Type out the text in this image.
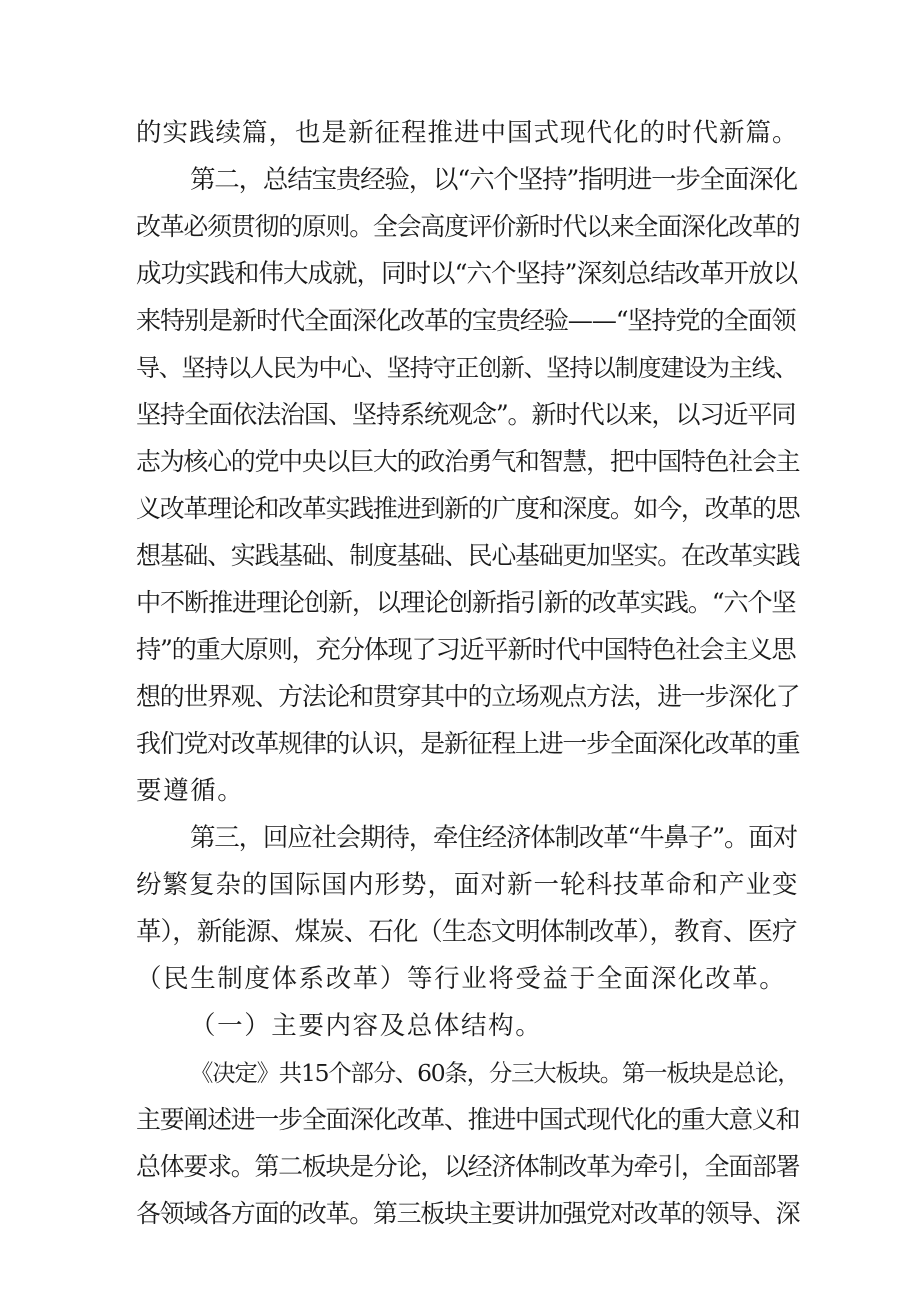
的实践续篇，也是新征程推进中国式现代化的时代新篇。
第二，总结宝贵经验，以“六个坚持”指明进一步全面深化
改革必须贯彻的原则。全会高度评价新时代以来全面深化改革的
成功实践和伟大成就，同时以“六个坚持”深刻总结改革开放以
来特别是新时代全面深化改革的宝贵经验——“坚持党的全面领
导、坚持以人民为中心、坚持守正创新、坚持以制度建设为主线、
坚持全面依法治国、坚持系统观念”。新时代以来，以习近平同
志为核心的党中央以巨大的政治勇气和智慧，把中国特色社会主
义改革理论和改革实践推进到新的广度和深度。如今，改革的思
想基础、实践基础、制度基础、民心基础更加坚实。在改革实践
中不断推进理论创新，以理论创新指引新的改革实践。“六个坚
持”的重大原则，充分体现了习近平新时代中国特色社会主义思
想的世界观、方法论和贯穿其中的立场观点方法，进一步深化了
我们党对改革规律的认识，是新征程上进一步全面深化改革的重
要遵循。
第三，回应社会期待，牵住经济体制改革“牛鼻子”。面对
纷繁复杂的国际国内形势，面对新一轮科技革命和产业变
革），新能源、煤炭、石化（生态文明体制改革），教育、医疗
（民生制度体系改革）等行业将受益于全面深化改革。
（一）主要内容及总体结构。
《决定》共15个部分、60条，分三大板块。第一板块是总论，
主要阐述进一步全面深化改革、推进中国式现代化的重大意义和
总体要求。第二板块是分论，以经济体制改革为牵引，全面部署
各领域各方面的改革。第三板块主要讲加强党对改革的领导、深
